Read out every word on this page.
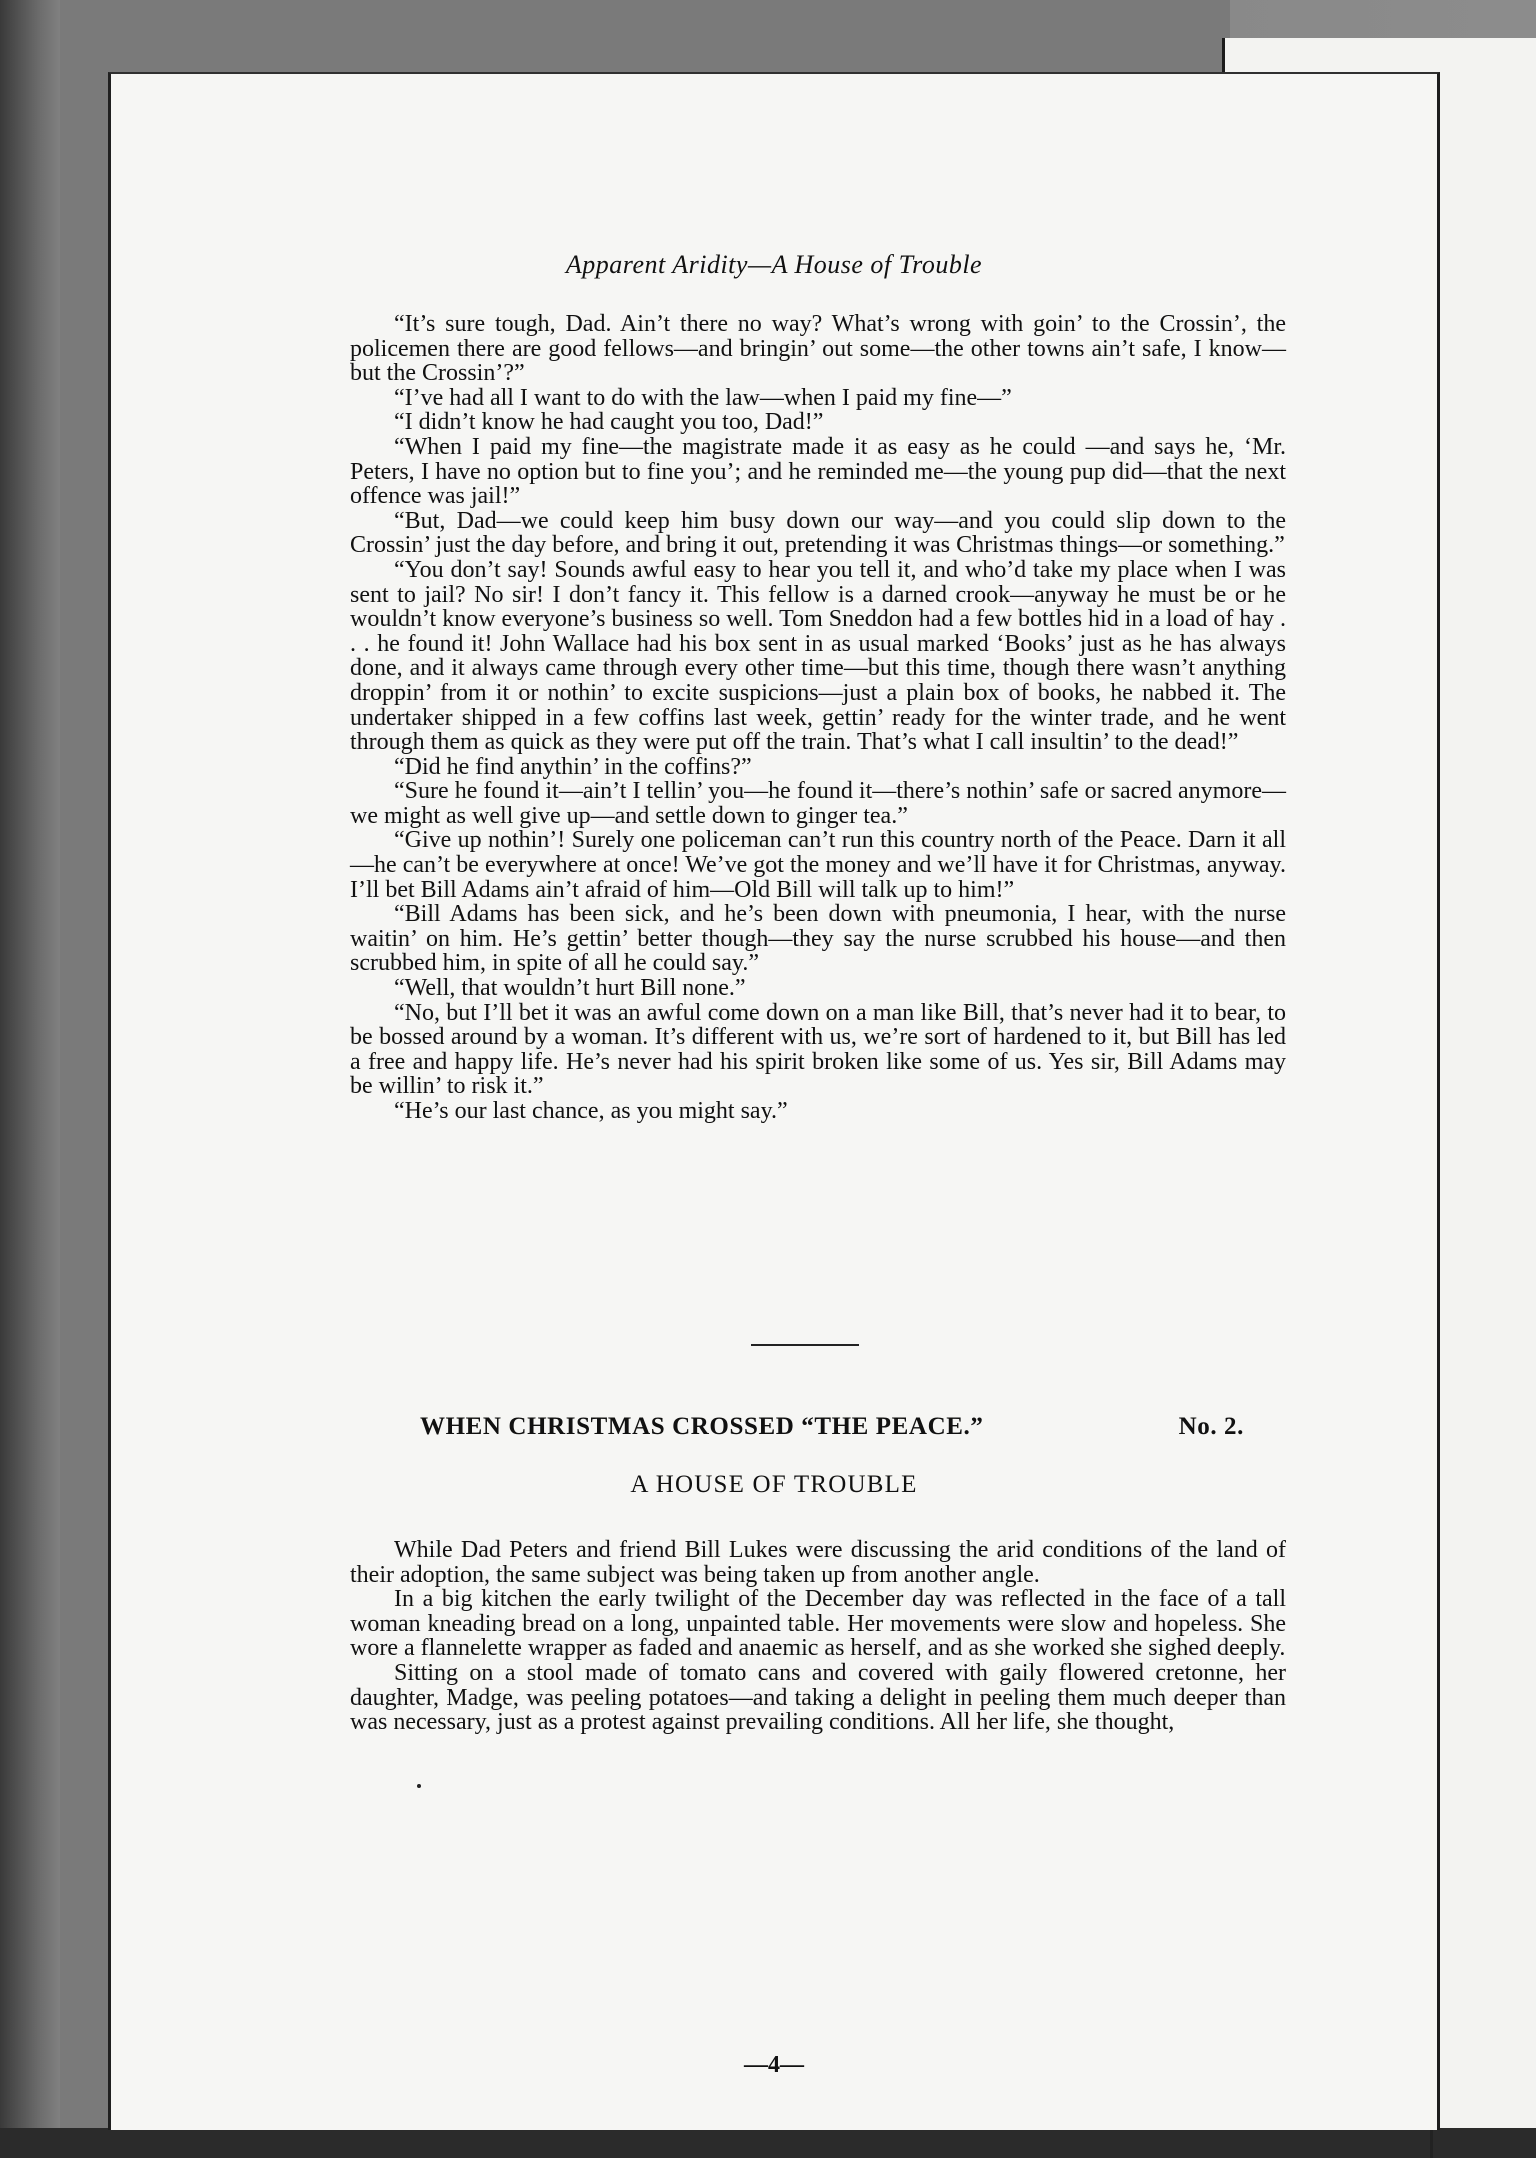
Apparent Aridity—A House of Trouble

“It’s sure tough, Dad. Ain’t there no way? What’s wrong with goin’ to the Crossin’, the policemen there are good fellows—and bringin’ out some—the other towns ain’t safe, I know—but the Crossin’?”

“I’ve had all I want to do with the law—when I paid my fine—”

“I didn’t know he had caught you too, Dad!”

“When I paid my fine—the magistrate made it as easy as he could —and says he, ‘Mr. Peters, I have no option but to fine you’; and he reminded me—the young pup did—that the next offence was jail!”

“But, Dad—we could keep him busy down our way—and you could slip down to the Crossin’ just the day before, and bring it out, pretending it was Christmas things—or something.”

“You don’t say! Sounds awful easy to hear you tell it, and who’d take my place when I was sent to jail? No sir! I don’t fancy it. This fellow is a darned crook—anyway he must be or he wouldn’t know everyone’s business so well. Tom Sneddon had a few bottles hid in a load of hay . . . he found it! John Wallace had his box sent in as usual marked ‘Books’ just as he has always done, and it always came through every other time—but this time, though there wasn’t anything droppin’ from it or nothin’ to excite suspicions—just a plain box of books, he nabbed it. The undertaker shipped in a few coffins last week, gettin’ ready for the winter trade, and he went through them as quick as they were put off the train. That’s what I call insultin’ to the dead!”

“Did he find anythin’ in the coffins?”

“Sure he found it—ain’t I tellin’ you—he found it—there’s nothin’ safe or sacred anymore—we might as well give up—and settle down to ginger tea.”

“Give up nothin’! Surely one policeman can’t run this country north of the Peace. Darn it all—he can’t be everywhere at once! We’ve got the money and we’ll have it for Christmas, anyway. I’ll bet Bill Adams ain’t afraid of him—Old Bill will talk up to him!”

“Bill Adams has been sick, and he’s been down with pneumonia, I hear, with the nurse waitin’ on him. He’s gettin’ better though—they say the nurse scrubbed his house—and then scrubbed him, in spite of all he could say.”

“Well, that wouldn’t hurt Bill none.”

“No, but I’ll bet it was an awful come down on a man like Bill, that’s never had it to bear, to be bossed around by a woman. It’s different with us, we’re sort of hardened to it, but Bill has led a free and happy life. He’s never had his spirit broken like some of us. Yes sir, Bill Adams may be willin’ to risk it.”

“He’s our last chance, as you might say.”

WHEN CHRISTMAS CROSSED “THE PEACE.”	No. 2.
A HOUSE OF TROUBLE

While Dad Peters and friend Bill Lukes were discussing the arid conditions of the land of their adoption, the same subject was being taken up from another angle.

In a big kitchen the early twilight of the December day was reflected in the face of a tall woman kneading bread on a long, unpainted table. Her movements were slow and hopeless. She wore a flannelette wrapper as faded and anaemic as herself, and as she worked she sighed deeply.

Sitting on a stool made of tomato cans and covered with gaily flowered cretonne, her daughter, Madge, was peeling potatoes—and taking a delight in peeling them much deeper than was necessary, just as a protest against prevailing conditions. All her life, she thought,

—4—
